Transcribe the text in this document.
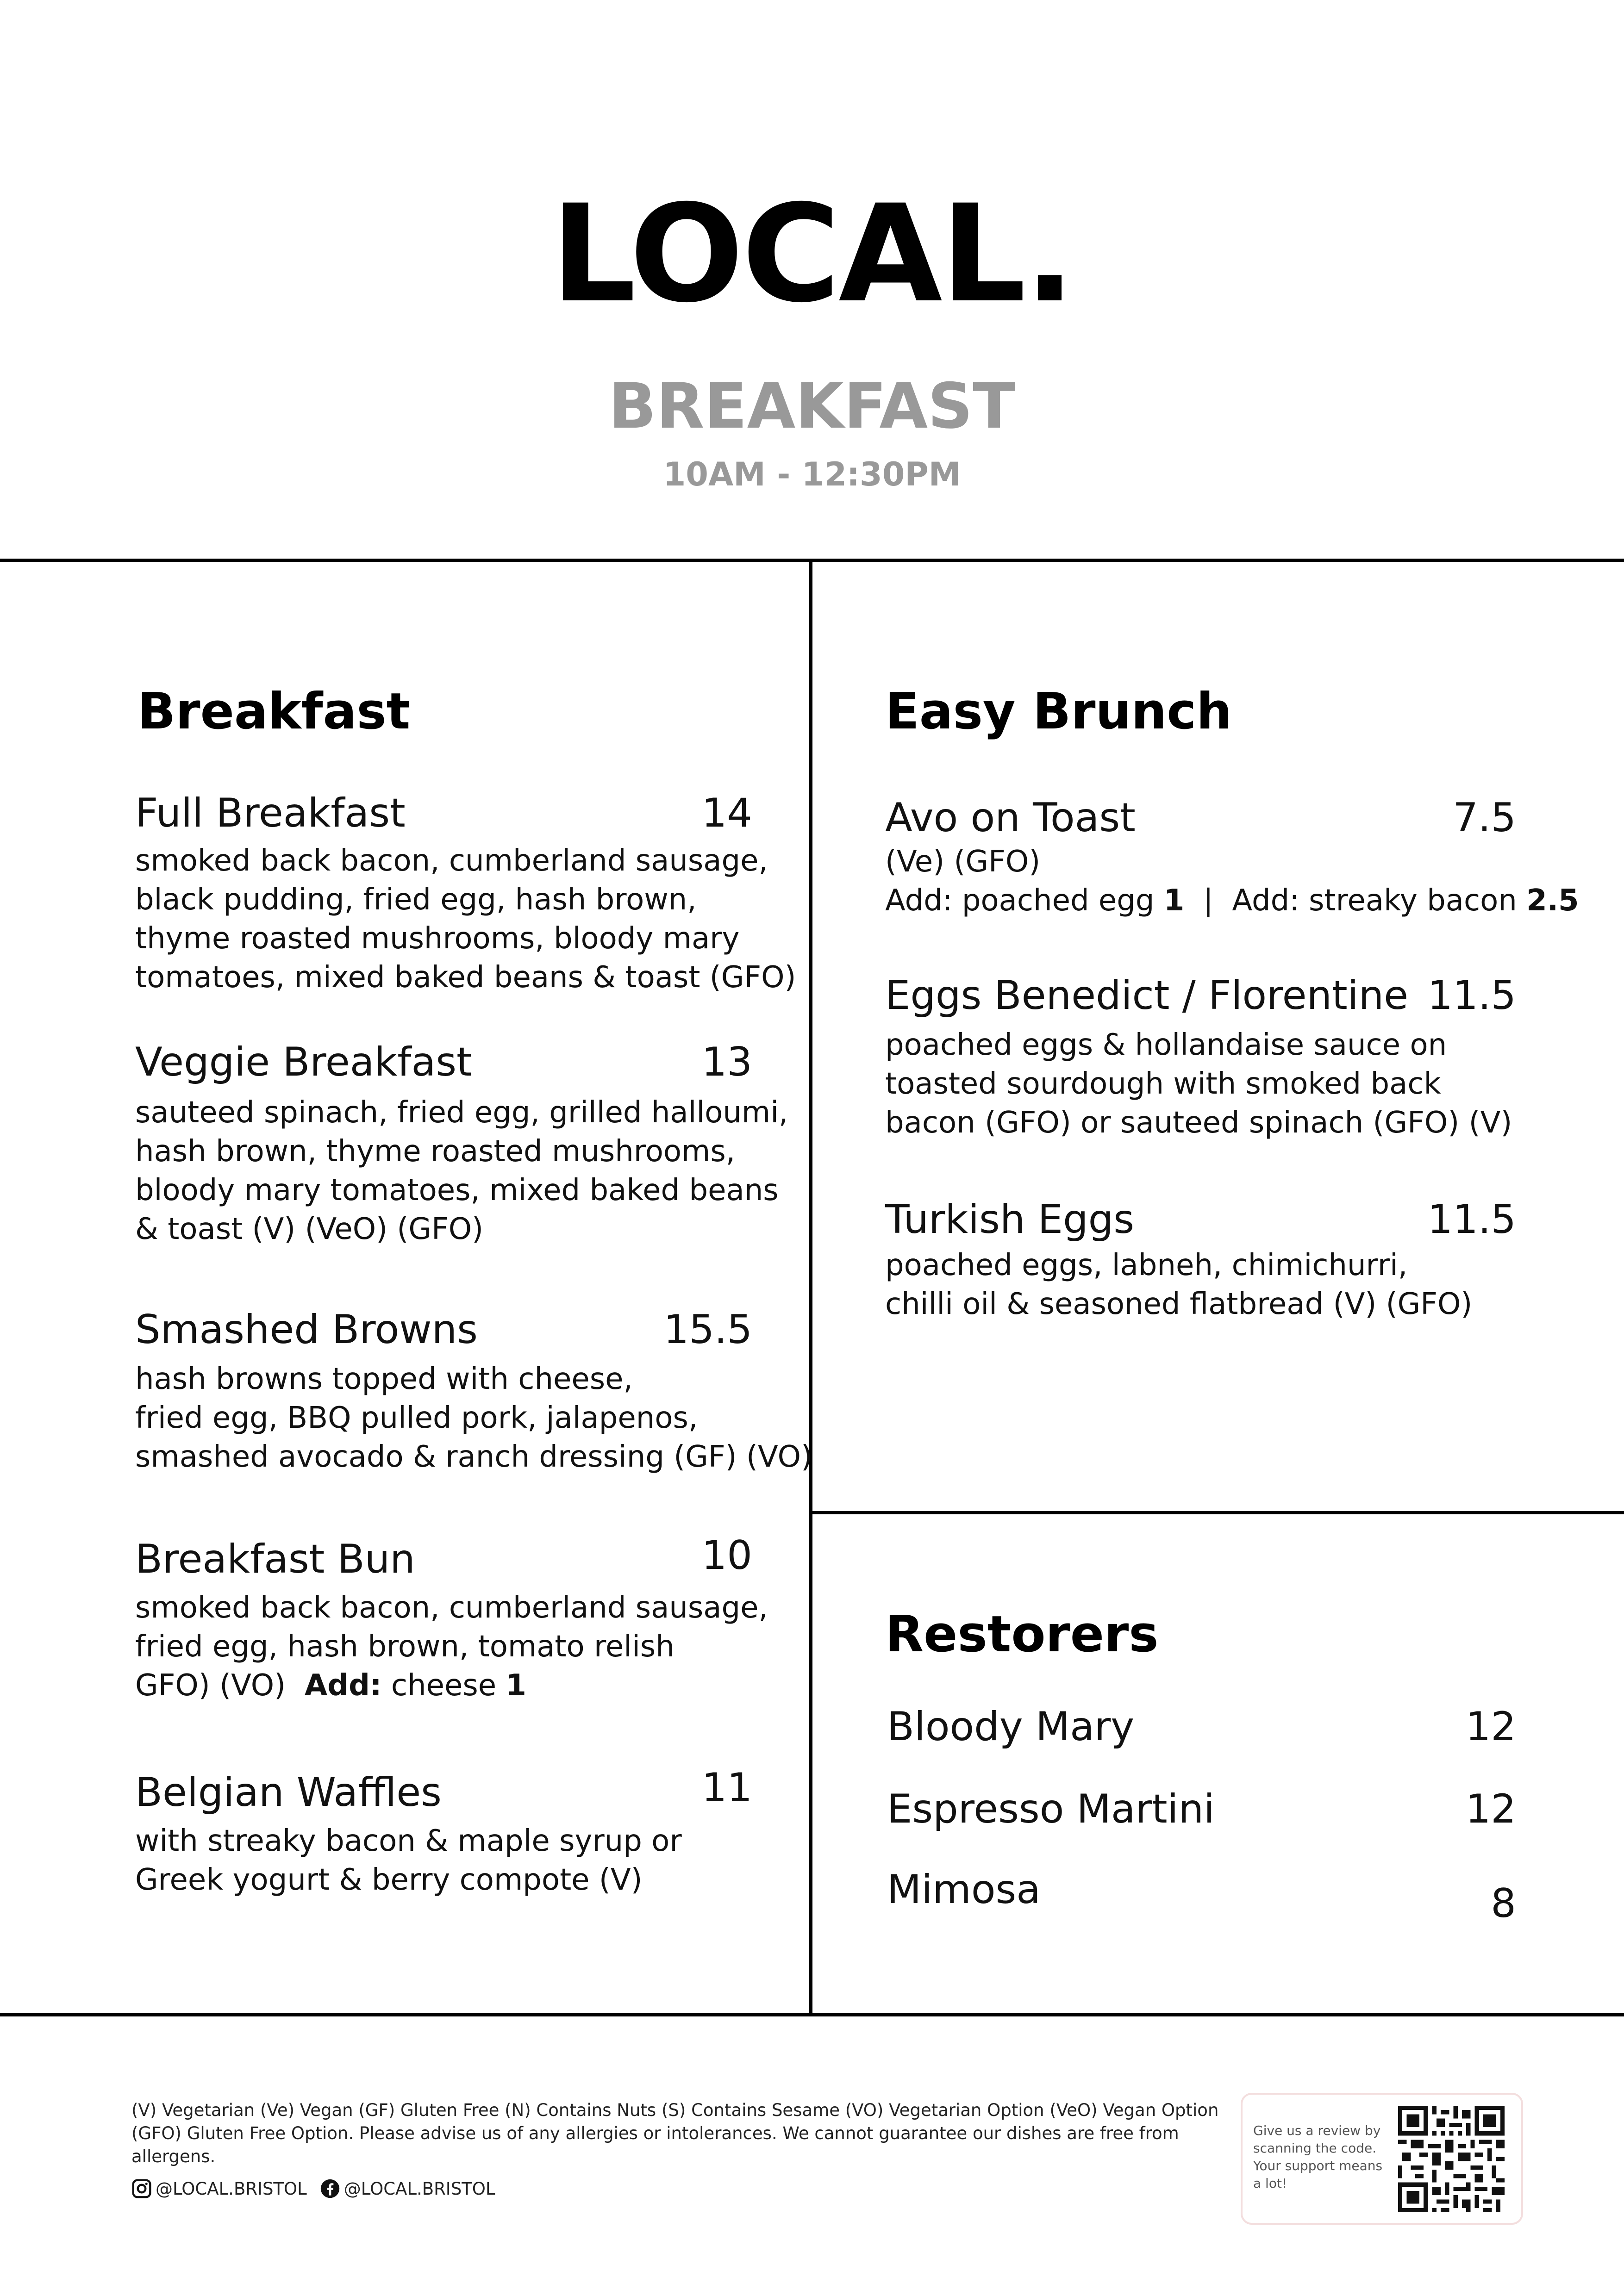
LOCAL.
BREAKFAST
10AM - 12:30PM
Breakfast
Full Breakfast	14
smoked back bacon, cumberland sausage,
black pudding, fried egg, hash brown,
thyme roasted mushrooms, bloody mary
tomatoes, mixed baked beans & toast (GFO)
Veggie Breakfast	13
sauteed spinach, fried egg, grilled halloumi,
hash brown, thyme roasted mushrooms,
bloody mary tomatoes, mixed baked beans
& toast (V) (VeO) (GFO)
Smashed Browns	15.5
hash browns topped with cheese,
fried egg, BBQ pulled pork, jalapenos,
smashed avocado & ranch dressing (GF) (VO)
Breakfast Bun	10
smoked back bacon, cumberland sausage,
fried egg, hash brown, tomato relish
GFO) (VO) Add: cheese 1
Belgian Waffles	11
with streaky bacon & maple syrup or
Greek yogurt & berry compote (V)
Easy Brunch
Avo on Toast	7.5
(Ve) (GFO)
Add: poached egg 1 | Add: streaky bacon 2.5
Eggs Benedict / Florentine 11.5
poached eggs & hollandaise sauce on
toasted sourdough with smoked back
bacon (GFO) or sauteed spinach (GFO) (V)
Turkish Eggs	11.5
poached eggs, labneh, chimichurri,
chilli oil & seasoned flatbread (V) (GFO)
Restorers
Bloody Mary	12
Espresso Martini	12
Mimosa	8
(V) Vegetarian (Ve) Vegan (GF) Gluten Free (N) Contains Nuts (S) Contains Sesame (VO) Vegetarian Option (VeO) Vegan Option
(GFO) Gluten Free Option. Please advise us of any allergies or intolerances. We cannot guarantee our dishes are free from allergens.
@LOCAL.BRISTOL @LOCAL.BRISTOL
Give us a review by
scanning the code.
Your support means
a lot!
